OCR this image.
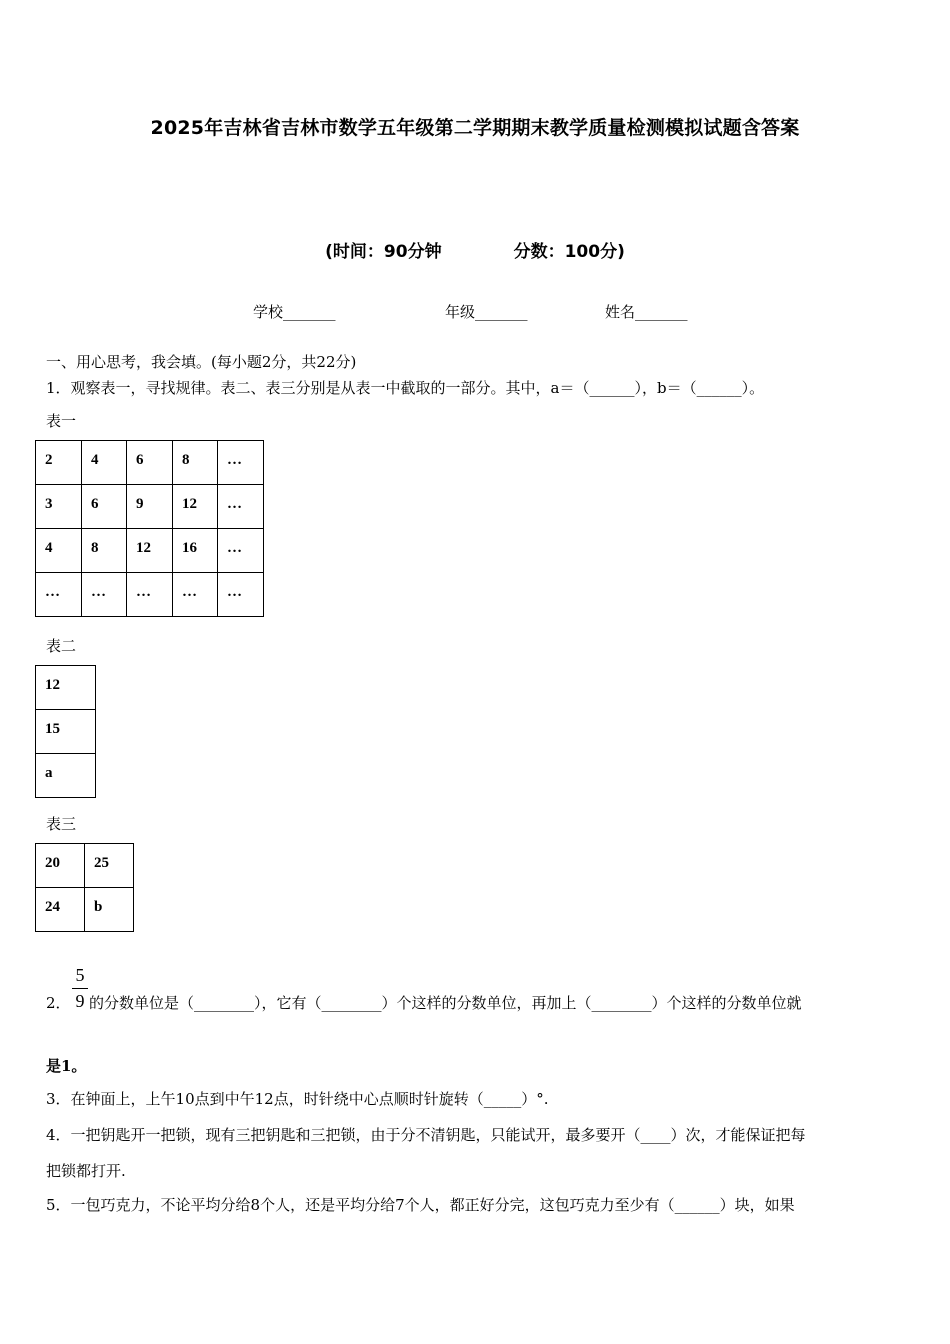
2025年吉林省吉林市数学五年级第二学期期末教学质量检测模拟试题含答案
(时间：90分钟	分数：100分)
学校_______	年级_______	姓名_______
一、用心思考，我会填。(每小题2分，共22分)
1．观察表一，寻找规律。表二、表三分别是从表一中截取的一部分。其中，a＝（______），b＝（______）。
表一
2	4	6	8	…
3	6	9	12	…
4	8	12	16	…
…	…	…	…	…
表二
12
15
a
表三
20	25
24	b
2．
5
9 的分数单位是（________），它有（________）个这样的分数单位，再加上（________）个这样的分数单位就
是1。
3．在钟面上，上午10点到中午12点，时针绕中心点顺时针旋转（_____）°.
4．一把钥匙开一把锁，现有三把钥匙和三把锁，由于分不清钥匙，只能试开，最多要开（____）次，才能保证把每
把锁都打开.
5．一包巧克力，不论平均分给8个人，还是平均分给7个人，都正好分完，这包巧克力至少有（______）块，如果
